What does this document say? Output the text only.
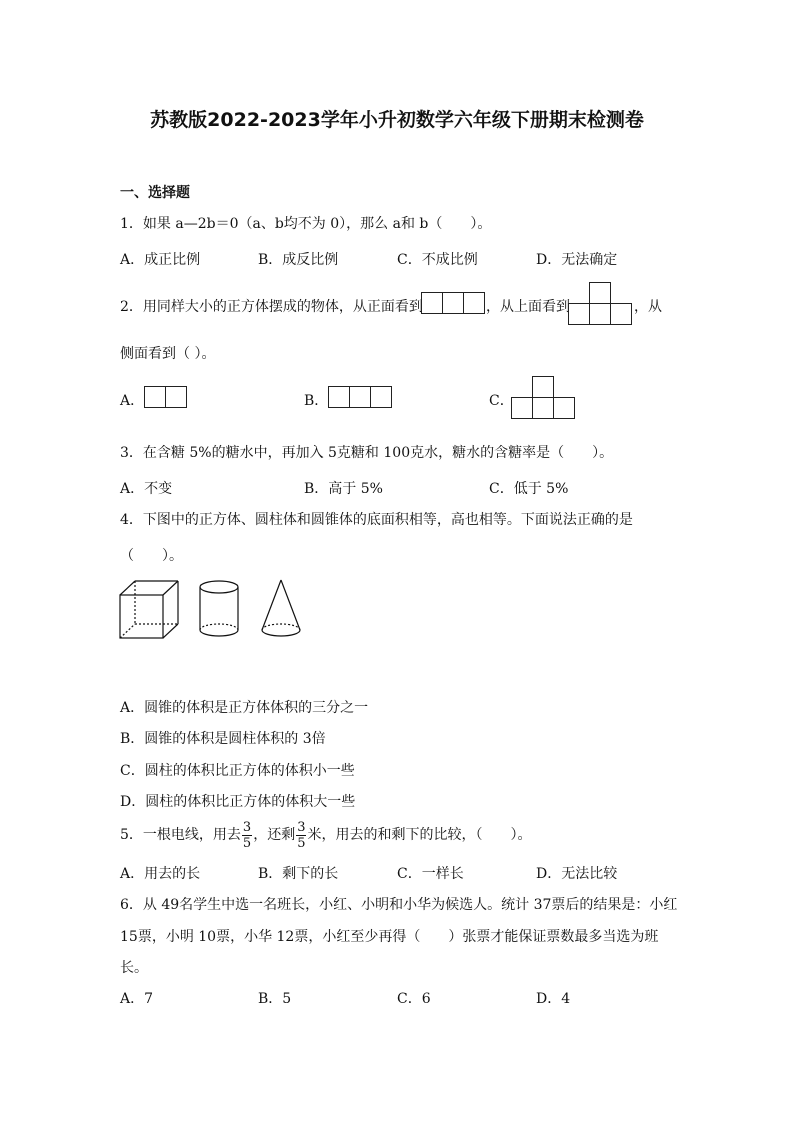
苏教版2022-2023学年小升初数学六年级下册期末检测卷
一、选择题
1．如果 a—2b＝0（a、b均不为 0），那么 a和 b（　　）。
A．成正比例	B．成反比例	C．不成比例	D．无法确定
2．用同样大小的正方体摆成的物体，从正面看到	，从上面看到	，从
侧面看到（ ）。
A．	B．	C．
3．在含糖 5%的糖水中，再加入 5克糖和 100克水，糖水的含糖率是（　　）。
A．不变	B．高于 5%	C．低于 5%
4．下图中的正方体、圆柱体和圆锥体的底面积相等，高也相等。下面说法正确的是
（　　）。
A．圆锥的体积是正方体体积的三分之一
B．圆锥的体积是圆柱体积的 3倍
C．圆柱的体积比正方体的体积小一些
D．圆柱的体积比正方体的体积大一些
5．一根电线，用去 $\frac{3}{5}$ ，还剩 $\frac{3}{5}$ 米，用去的和剩下的比较，（　　）。
A．用去的长	B．剩下的长	C．一样长	D．无法比较
6．从 49名学生中选一名班长，小红、小明和小华为候选人。统计 37票后的结果是：小红
15票，小明 10票，小华 12票，小红至少再得（　　）张票才能保证票数最多当选为班
长。
A．7	B．5	C．6	D．4
